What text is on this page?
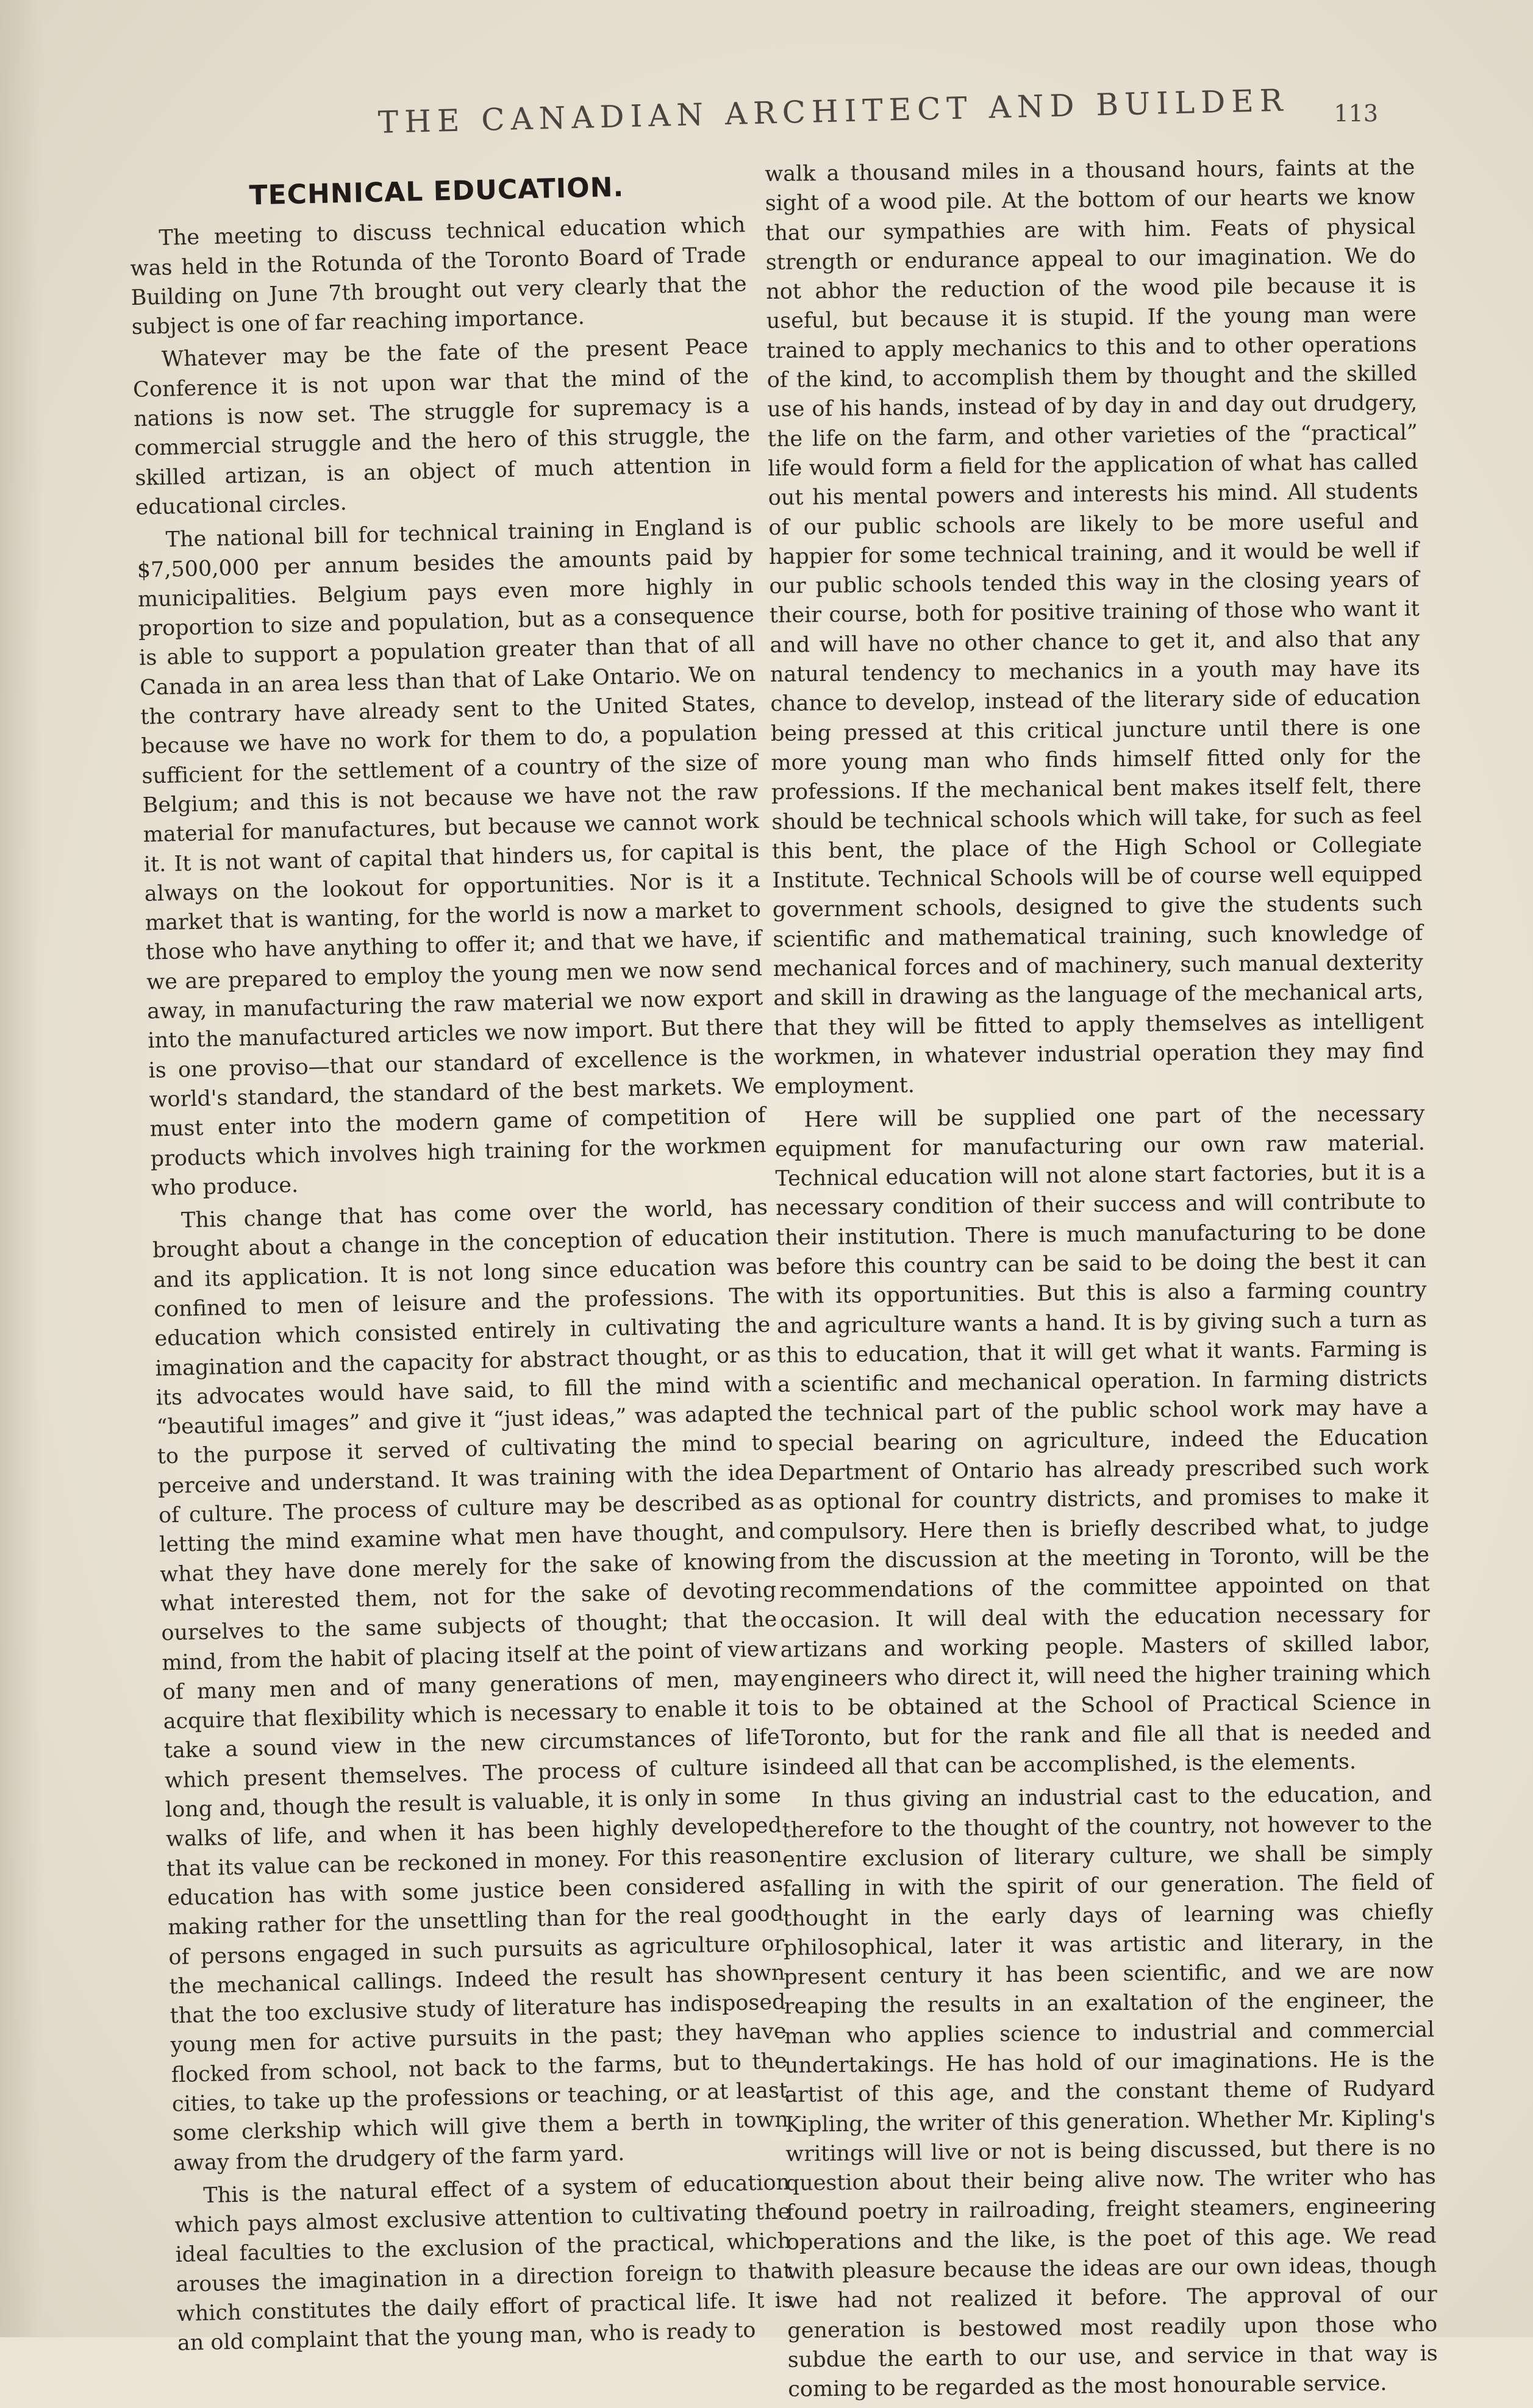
THE CANADIAN ARCHITECT AND BUILDER 113
TECHNICAL EDUCATION.

The meeting to discuss technical education which was held in the Rotunda of the Toronto Board of Trade Building on June 7th brought out very clearly that the subject is one of far reaching importance.

Whatever may be the fate of the present Peace Conference it is not upon war that the mind of the nations is now set. The struggle for supremacy is a commercial struggle and the hero of this struggle, the skilled artizan, is an object of much attention in educational circles.

The national bill for technical training in England is $7,500,000 per annum besides the amounts paid by municipalities. Belgium pays even more highly in proportion to size and population, but as a consequence is able to support a population greater than that of all Canada in an area less than that of Lake Ontario. We on the contrary have already sent to the United States, because we have no work for them to do, a population sufficient for the settlement of a country of the size of Belgium; and this is not because we have not the raw material for manufactures, but because we cannot work it. It is not want of capital that hinders us, for capital is always on the lookout for opportunities. Nor is it a market that is wanting, for the world is now a market to those who have anything to offer it; and that we have, if we are prepared to employ the young men we now send away, in manufacturing the raw material we now export into the manufactured articles we now import. But there is one proviso—that our standard of excellence is the world's standard, the standard of the best markets. We must enter into the modern game of competition of products which involves high training for the workmen who produce.

This change that has come over the world, has brought about a change in the conception of education and its application. It is not long since education was confined to men of leisure and the professions. The education which consisted entirely in cultivating the imagination and the capacity for abstract thought, or as its advocates would have said, to fill the mind with “beautiful images” and give it “just ideas,” was adapted to the purpose it served of cultivating the mind to perceive and understand. It was training with the idea of culture. The process of culture may be described as letting the mind examine what men have thought, and what they have done merely for the sake of knowing what interested them, not for the sake of devoting ourselves to the same subjects of thought; that the mind, from the habit of placing itself at the point of view of many men and of many generations of men, may acquire that flexibility which is necessary to enable it to take a sound view in the new circumstances of life which present themselves. The process of culture is long and, though the result is valuable, it is only in some walks of life, and when it has been highly developed that its value can be reckoned in money. For this reason education has with some justice been considered as making rather for the unsettling than for the real good of persons engaged in such pursuits as agriculture or the mechanical callings. Indeed the result has shown that the too exclusive study of literature has indisposed young men for active pursuits in the past; they have flocked from school, not back to the farms, but to the cities, to take up the professions or teaching, or at least some clerkship which will give them a berth in town away from the drudgery of the farm yard.

This is the natural effect of a system of education which pays almost exclusive attention to cultivating the ideal faculties to the exclusion of the practical, which arouses the imagination in a direction foreign to that which constitutes the daily effort of practical life. It is an old complaint that the young man, who is ready to

walk a thousand miles in a thousand hours, faints at the sight of a wood pile. At the bottom of our hearts we know that our sympathies are with him. Feats of physical strength or endurance appeal to our imagination. We do not abhor the reduction of the wood pile because it is useful, but because it is stupid. If the young man were trained to apply mechanics to this and to other operations of the kind, to accomplish them by thought and the skilled use of his hands, instead of by day in and day out drudgery, the life on the farm, and other varieties of the “practical” life would form a field for the application of what has called out his mental powers and interests his mind. All students of our public schools are likely to be more useful and happier for some technical training, and it would be well if our public schools tended this way in the closing years of their course, both for positive training of those who want it and will have no other chance to get it, and also that any natural tendency to mechanics in a youth may have its chance to develop, instead of the literary side of education being pressed at this critical juncture until there is one more young man who finds himself fitted only for the professions. If the mechanical bent makes itself felt, there should be technical schools which will take, for such as feel this bent, the place of the High School or Collegiate Institute. Technical Schools will be of course well equipped government schools, designed to give the students such scientific and mathematical training, such knowledge of mechanical forces and of machinery, such manual dexterity and skill in drawing as the language of the mechanical arts, that they will be fitted to apply themselves as intelligent workmen, in whatever industrial operation they may find employment.

Here will be supplied one part of the necessary equipment for manufacturing our own raw material. Technical education will not alone start factories, but it is a necessary condition of their success and will contribute to their institution. There is much manufacturing to be done before this country can be said to be doing the best it can with its opportunities. But this is also a farming country and agriculture wants a hand. It is by giving such a turn as this to education, that it will get what it wants. Farming is a scientific and mechanical operation. In farming districts the technical part of the public school work may have a special bearing on agriculture, indeed the Education Department of Ontario has already prescribed such work as optional for country districts, and promises to make it compulsory. Here then is briefly described what, to judge from the discussion at the meeting in Toronto, will be the recommendations of the committee appointed on that occasion. It will deal with the education necessary for artizans and working people. Masters of skilled labor, engineers who direct it, will need the higher training which is to be obtained at the School of Practical Science in Toronto, but for the rank and file all that is needed and indeed all that can be accomplished, is the elements.

In thus giving an industrial cast to the education, and therefore to the thought of the country, not however to the entire exclusion of literary culture, we shall be simply falling in with the spirit of our generation. The field of thought in the early days of learning was chiefly philosophical, later it was artistic and literary, in the present century it has been scientific, and we are now reaping the results in an exaltation of the engineer, the man who applies science to industrial and commercial undertakings. He has hold of our imaginations. He is the artist of this age, and the constant theme of Rudyard Kipling, the writer of this generation. Whether Mr. Kipling's writings will live or not is being discussed, but there is no question about their being alive now. The writer who has found poetry in railroading, freight steamers, engineering operations and the like, is the poet of this age. We read with pleasure because the ideas are our own ideas, though we had not realized it before. The approval of our generation is bestowed most readily upon those who subdue the earth to our use, and service in that way is coming to be regarded as the most honourable service.
